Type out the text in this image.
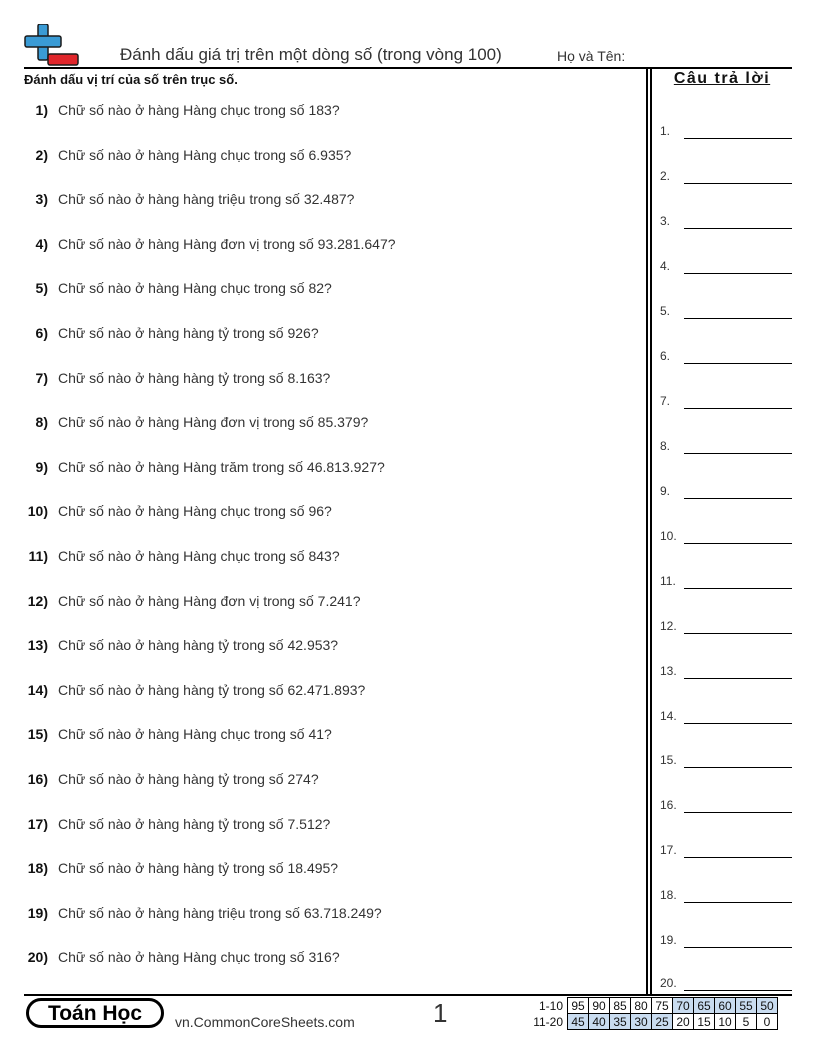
Đánh dấu giá trị trên một dòng số (trong vòng 100)	Họ và Tên:
Đánh dấu vị trí của số trên trục số.
1) Chữ số nào ở hàng Hàng chục trong số 183?
2) Chữ số nào ở hàng Hàng chục trong số 6.935?
3) Chữ số nào ở hàng hàng triệu trong số 32.487?
4) Chữ số nào ở hàng Hàng đơn vị trong số 93.281.647?
5) Chữ số nào ở hàng Hàng chục trong số 82?
6) Chữ số nào ở hàng hàng tỷ trong số 926?
7) Chữ số nào ở hàng hàng tỷ trong số 8.163?
8) Chữ số nào ở hàng Hàng đơn vị trong số 85.379?
9) Chữ số nào ở hàng Hàng trăm trong số 46.813.927?
10) Chữ số nào ở hàng Hàng chục trong số 96?
11) Chữ số nào ở hàng Hàng chục trong số 843?
12) Chữ số nào ở hàng Hàng đơn vị trong số 7.241?
13) Chữ số nào ở hàng hàng tỷ trong số 42.953?
14) Chữ số nào ở hàng hàng tỷ trong số 62.471.893?
15) Chữ số nào ở hàng Hàng chục trong số 41?
16) Chữ số nào ở hàng hàng tỷ trong số 274?
17) Chữ số nào ở hàng hàng tỷ trong số 7.512?
18) Chữ số nào ở hàng hàng tỷ trong số 18.495?
19) Chữ số nào ở hàng hàng triệu trong số 63.718.249?
20) Chữ số nào ở hàng Hàng chục trong số 316?
Câu trả lời
1.
2.
3.
4.
5.
6.
7.
8.
9.
10.
11.
12.
13.
14.
15.
16.
17.
18.
19.
20.
Toán Học	vn.CommonCoreSheets.com	1	1-10	95	90	85	80	75	70	65	60	55	50
11-20	45	40	35	30	25	20	15	10	5	0
